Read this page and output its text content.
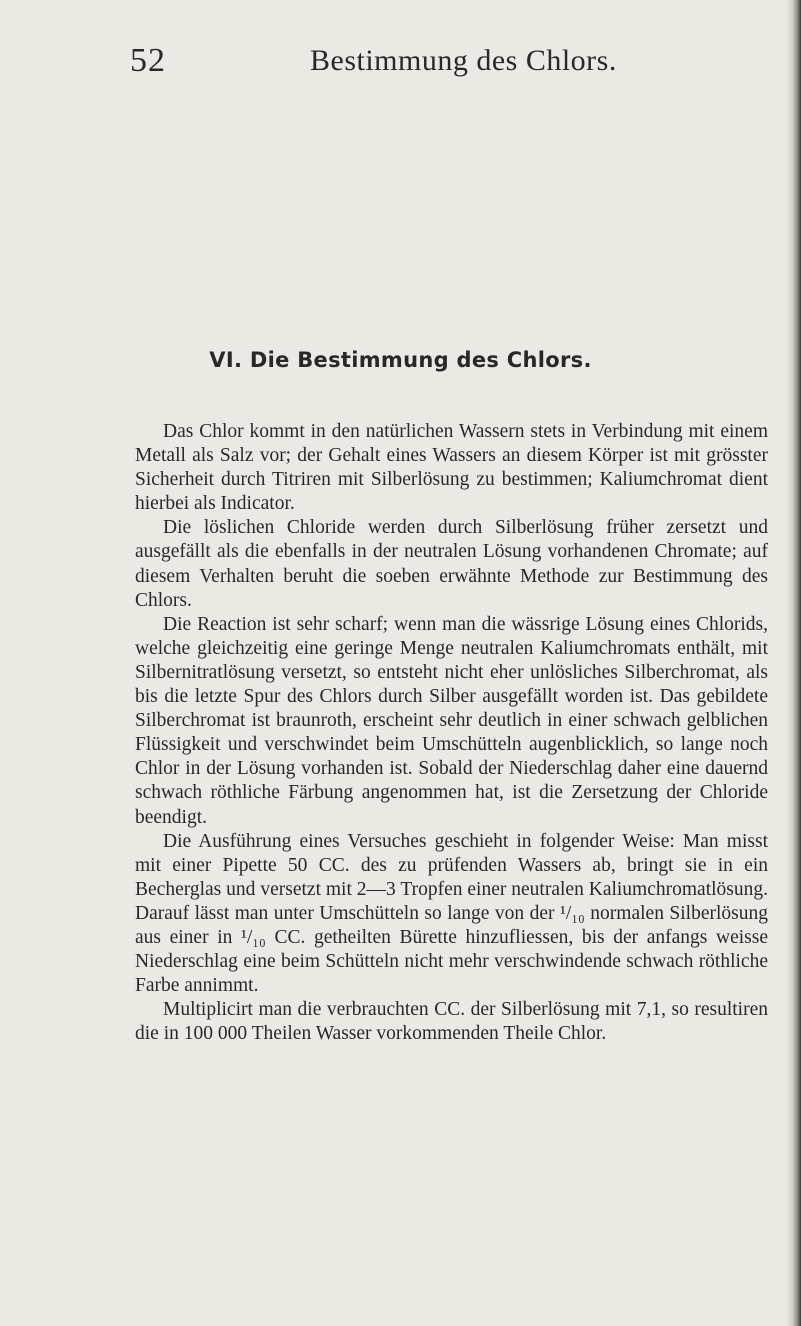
52	Bestimmung des Chlors.
VI. Die Bestimmung des Chlors.

Das Chlor kommt in den natürlichen Wassern stets in Verbindung mit einem Metall als Salz vor; der Gehalt eines Wassers an diesem Körper ist mit grösster Sicherheit durch Titriren mit Silberlösung zu bestimmen; Kaliumchromat dient hierbei als Indicator.

Die löslichen Chloride werden durch Silberlösung früher zersetzt und ausgefällt als die ebenfalls in der neutralen Lösung vorhandenen Chromate; auf diesem Verhalten beruht die soeben erwähnte Methode zur Bestimmung des Chlors.

Die Reaction ist sehr scharf; wenn man die wässrige Lösung eines Chlorids, welche gleichzeitig eine geringe Menge neutralen Kaliumchromats enthält, mit Silbernitratlösung versetzt, so entsteht nicht eher unlösliches Silberchromat, als bis die letzte Spur des Chlors durch Silber ausgefällt worden ist. Das gebildete Silberchromat ist braunroth, erscheint sehr deutlich in einer schwach gelblichen Flüssigkeit und verschwindet beim Umschütteln augenblicklich, so lange noch Chlor in der Lösung vorhanden ist. Sobald der Niederschlag daher eine dauernd schwach röthliche Färbung angenommen hat, ist die Zersetzung der Chloride beendigt.

Die Ausführung eines Versuches geschieht in folgender Weise: Man misst mit einer Pipette 50 CC. des zu prüfenden Wassers ab, bringt sie in ein Becherglas und versetzt mit 2—3 Tropfen einer neutralen Kaliumchromatlösung. Darauf lässt man unter Umschütteln so lange von der ¹/₁₀ normalen Silberlösung aus einer in ¹/₁₀ CC. getheilten Bürette hinzufliessen, bis der anfangs weisse Niederschlag eine beim Schütteln nicht mehr verschwindende schwach röthliche Farbe annimmt.

Multiplicirt man die verbrauchten CC. der Silberlösung mit 7,1, so resultiren die in 100 000 Theilen Wasser vorkommenden Theile Chlor.
